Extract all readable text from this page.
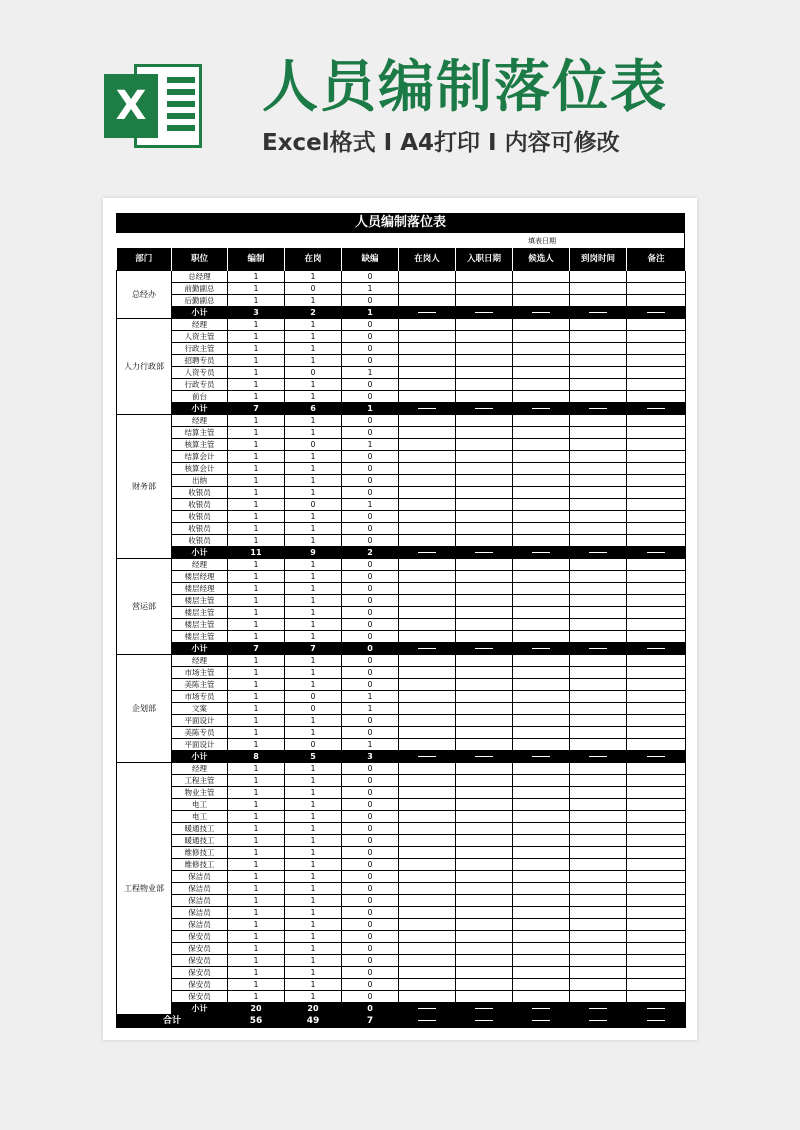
X 人员编制落位表
Excel格式 I A4打印 I 内容可修改
人员编制落位表
填表日期
部门	职位	编制	在岗	缺编	在岗人	入职日期	候选人	到岗时间	备注
总经办	总经理	1	1	0					
	前勤副总	1	0	1					
	后勤副总	1	1	0					
	小计	3	2	1					
人力行政部	经理	1	1	0					
	人资主管	1	1	0					
	行政主管	1	1	0					
	招聘专员	1	1	0					
	人资专员	1	0	1					
	行政专员	1	1	0					
	前台	1	1	0					
	小计	7	6	1					
财务部	经理	1	1	0					
	结算主管	1	1	0					
	核算主管	1	0	1					
	结算会计	1	1	0					
	核算会计	1	1	0					
	出纳	1	1	0					
	收银员	1	1	0					
	收银员	1	0	1					
	收银员	1	1	0					
	收银员	1	1	0					
	收银员	1	1	0					
	小计	11	9	2					
营运部	经理	1	1	0					
	楼层经理	1	1	0					
	楼层经理	1	1	0					
	楼层主管	1	1	0					
	楼层主管	1	1	0					
	楼层主管	1	1	0					
	楼层主管	1	1	0					
	小计	7	7	0					
企划部	经理	1	1	0					
	市场主管	1	1	0					
	美陈主管	1	1	0					
	市场专员	1	0	1					
	文案	1	0	1					
	平面设计	1	1	0					
	美陈专员	1	1	0					
	平面设计	1	0	1					
	小计	8	5	3					
工程物业部	经理	1	1	0					
	工程主管	1	1	0					
	物业主管	1	1	0					
	电工	1	1	0					
	电工	1	1	0					
	暖通技工	1	1	0					
	暖通技工	1	1	0					
	维修技工	1	1	0					
	维修技工	1	1	0					
	保洁员	1	1	0					
	保洁员	1	1	0					
	保洁员	1	1	0					
	保洁员	1	1	0					
	保洁员	1	1	0					
	保安员	1	1	0					
	保安员	1	1	0					
	保安员	1	1	0					
	保安员	1	1	0					
	保安员	1	1	0					
	保安员	1	1	0					
	小计	20	20	0					
合计		56	49	7					
